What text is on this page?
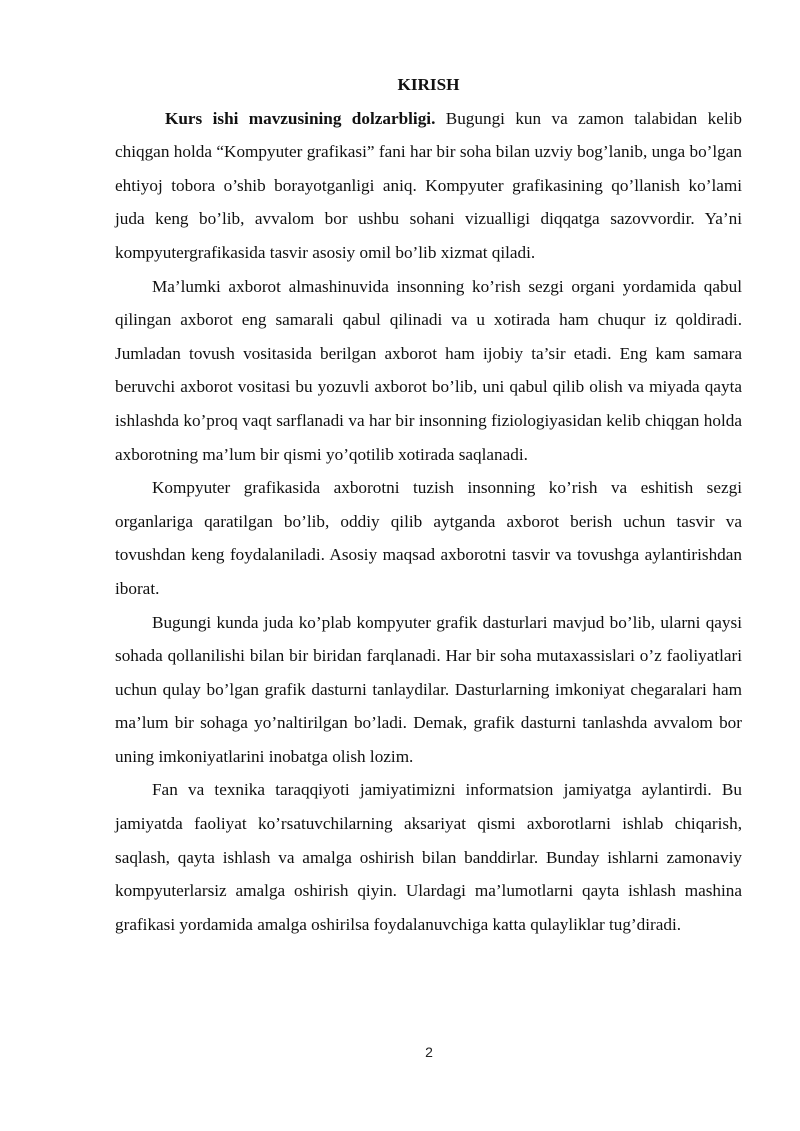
KIRISH

Kurs ishi mavzusining dolzarbligi. Bugungi kun va zamon talabidan kelib chiqgan holda “Kompyuter grafikasi” fani har bir soha bilan uzviy bog’lanib, unga bo’lgan ehtiyoj tobora o’shib borayotganligi aniq. Kompyuter grafikasining qo’llanish ko’lami juda keng bo’lib, avvalom bor ushbu sohani vizualligi diqqatga sazovvordir. Ya’ni kompyutergrafikasida tasvir asosiy omil bo’lib xizmat qiladi.

Ma’lumki axborot almashinuvida insonning ko’rish sezgi organi yordamida qabul qilingan axborot eng samarali qabul qilinadi va u xotirada ham chuqur iz qoldiradi. Jumladan tovush vositasida berilgan axborot ham ijobiy ta’sir etadi. Eng kam samara beruvchi axborot vositasi bu yozuvli axborot bo’lib, uni qabul qilib olish va miyada qayta ishlashda ko’proq vaqt sarflanadi va har bir insonning fiziologiyasidan kelib chiqgan holda axborotning ma’lum bir qismi yo’qotilib xotirada saqlanadi.

Kompyuter grafikasida axborotni tuzish insonning ko’rish va eshitish sezgi organlariga qaratilgan bo’lib, oddiy qilib aytganda axborot berish uchun tasvir va tovushdan keng foydalaniladi. Asosiy maqsad axborotni tasvir va tovushga aylantirishdan iborat.

Bugungi kunda juda ko’plab kompyuter grafik dasturlari mavjud bo’lib, ularni qaysi sohada qollanilishi bilan bir biridan farqlanadi. Har bir soha mutaxassislari o’z faoliyatlari uchun qulay bo’lgan grafik dasturni tanlaydilar. Dasturlarning imkoniyat chegaralari ham ma’lum bir sohaga yo’naltirilgan bo’ladi. Demak, grafik dasturni tanlashda avvalom bor uning imkoniyatlarini inobatga olish lozim.

Fan va texnika taraqqiyoti jamiyatimizni informatsion jamiyatga aylantirdi. Bu jamiyatda faoliyat ko’rsatuvchilarning aksariyat qismi axborotlarni ishlab chiqarish, saqlash, qayta ishlash va amalga oshirish bilan banddirlar. Bunday ishlarni zamonaviy kompyuterlarsiz amalga oshirish qiyin. Ulardagi ma’lumotlarni qayta ishlash mashina grafikasi yordamida amalga oshirilsa foydalanuvchiga katta qulayliklar tug’diradi.

2
